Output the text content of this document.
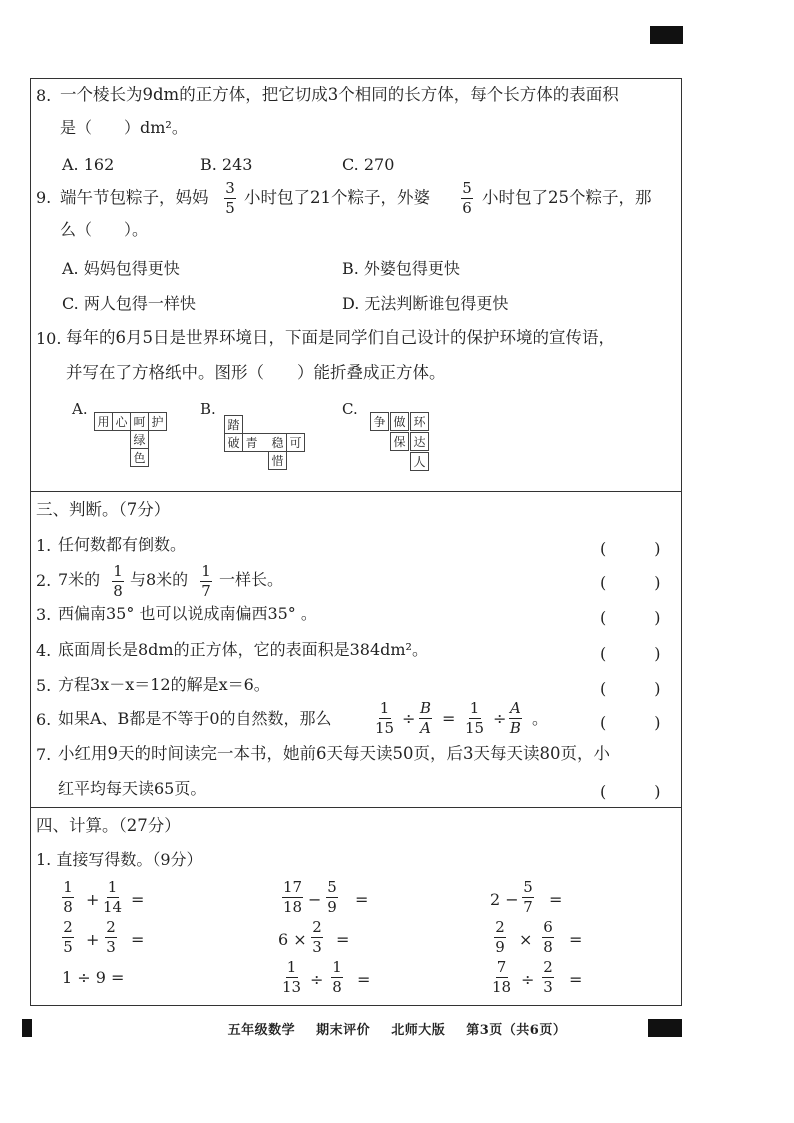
8. 一个棱长为9dm的正方体，把它切成3个相同的长方体，每个长方体的表面积
是（　　）dm²。
A. 162	B. 243	C. 270
9. 端午节包粽子，妈妈 $\frac{3}{5}$ 小时包了21个粽子，外婆 $\frac{5}{6}$ 小时包了25个粽子，那
么（　　）。
A. 妈妈包得更快	B. 外婆包得更快
C. 两人包得一样快	D. 无法判断谁包得更快
10. 每年的6月5日是世界环境日，下面是同学们自己设计的保护环境的宣传语，
并写在了方格纸中。图形（　　）能折叠成正方体。
A.
用 心 呵 护
绿
色
B.
踏
破 青 稳 可
惜
C.
争 做 环
保 达
人
三、判断。（7分）
1. 任何数都有倒数。	(　　　)
2. 7米的 $\frac{1}{8}$ 与8米的 $\frac{1}{7}$ 一样长。	(　　　)
3. 西偏南35° 也可以说成南偏西35° 。	(　　　)
4. 底面周长是8dm的正方体，它的表面积是384dm²。	(　　　)
5. 方程3x－x＝12的解是x＝6。	(　　　)
6. 如果A、B都是不等于0的自然数，那么	$\frac{1}{15} \div \frac{B}{A} = \frac{1}{15} \div \frac{A}{B}$ 。	(　　　)
7. 小红用9天的时间读完一本书，她前6天每天读50页，后3天每天读80页，小
红平均每天读65页。	(　　　)
四、计算。（27分）
1. 直接写得数。（9分）
$\frac{1}{8} + \frac{1}{14}$ =	$\frac{17}{18} - \frac{5}{9}$ =	$2 - \frac{5}{7}$ =
$\frac{2}{5} + \frac{2}{3}$ =	$6 \times \frac{2}{3}$ =	$\frac{2}{9} \times \frac{6}{8}$ =
1 ÷ 9 =	$\frac{1}{13} \div \frac{1}{8}$ =	$\frac{7}{18} \div \frac{2}{3}$ =
五年级数学 期末评价 北师大版 第3页（共6页）
